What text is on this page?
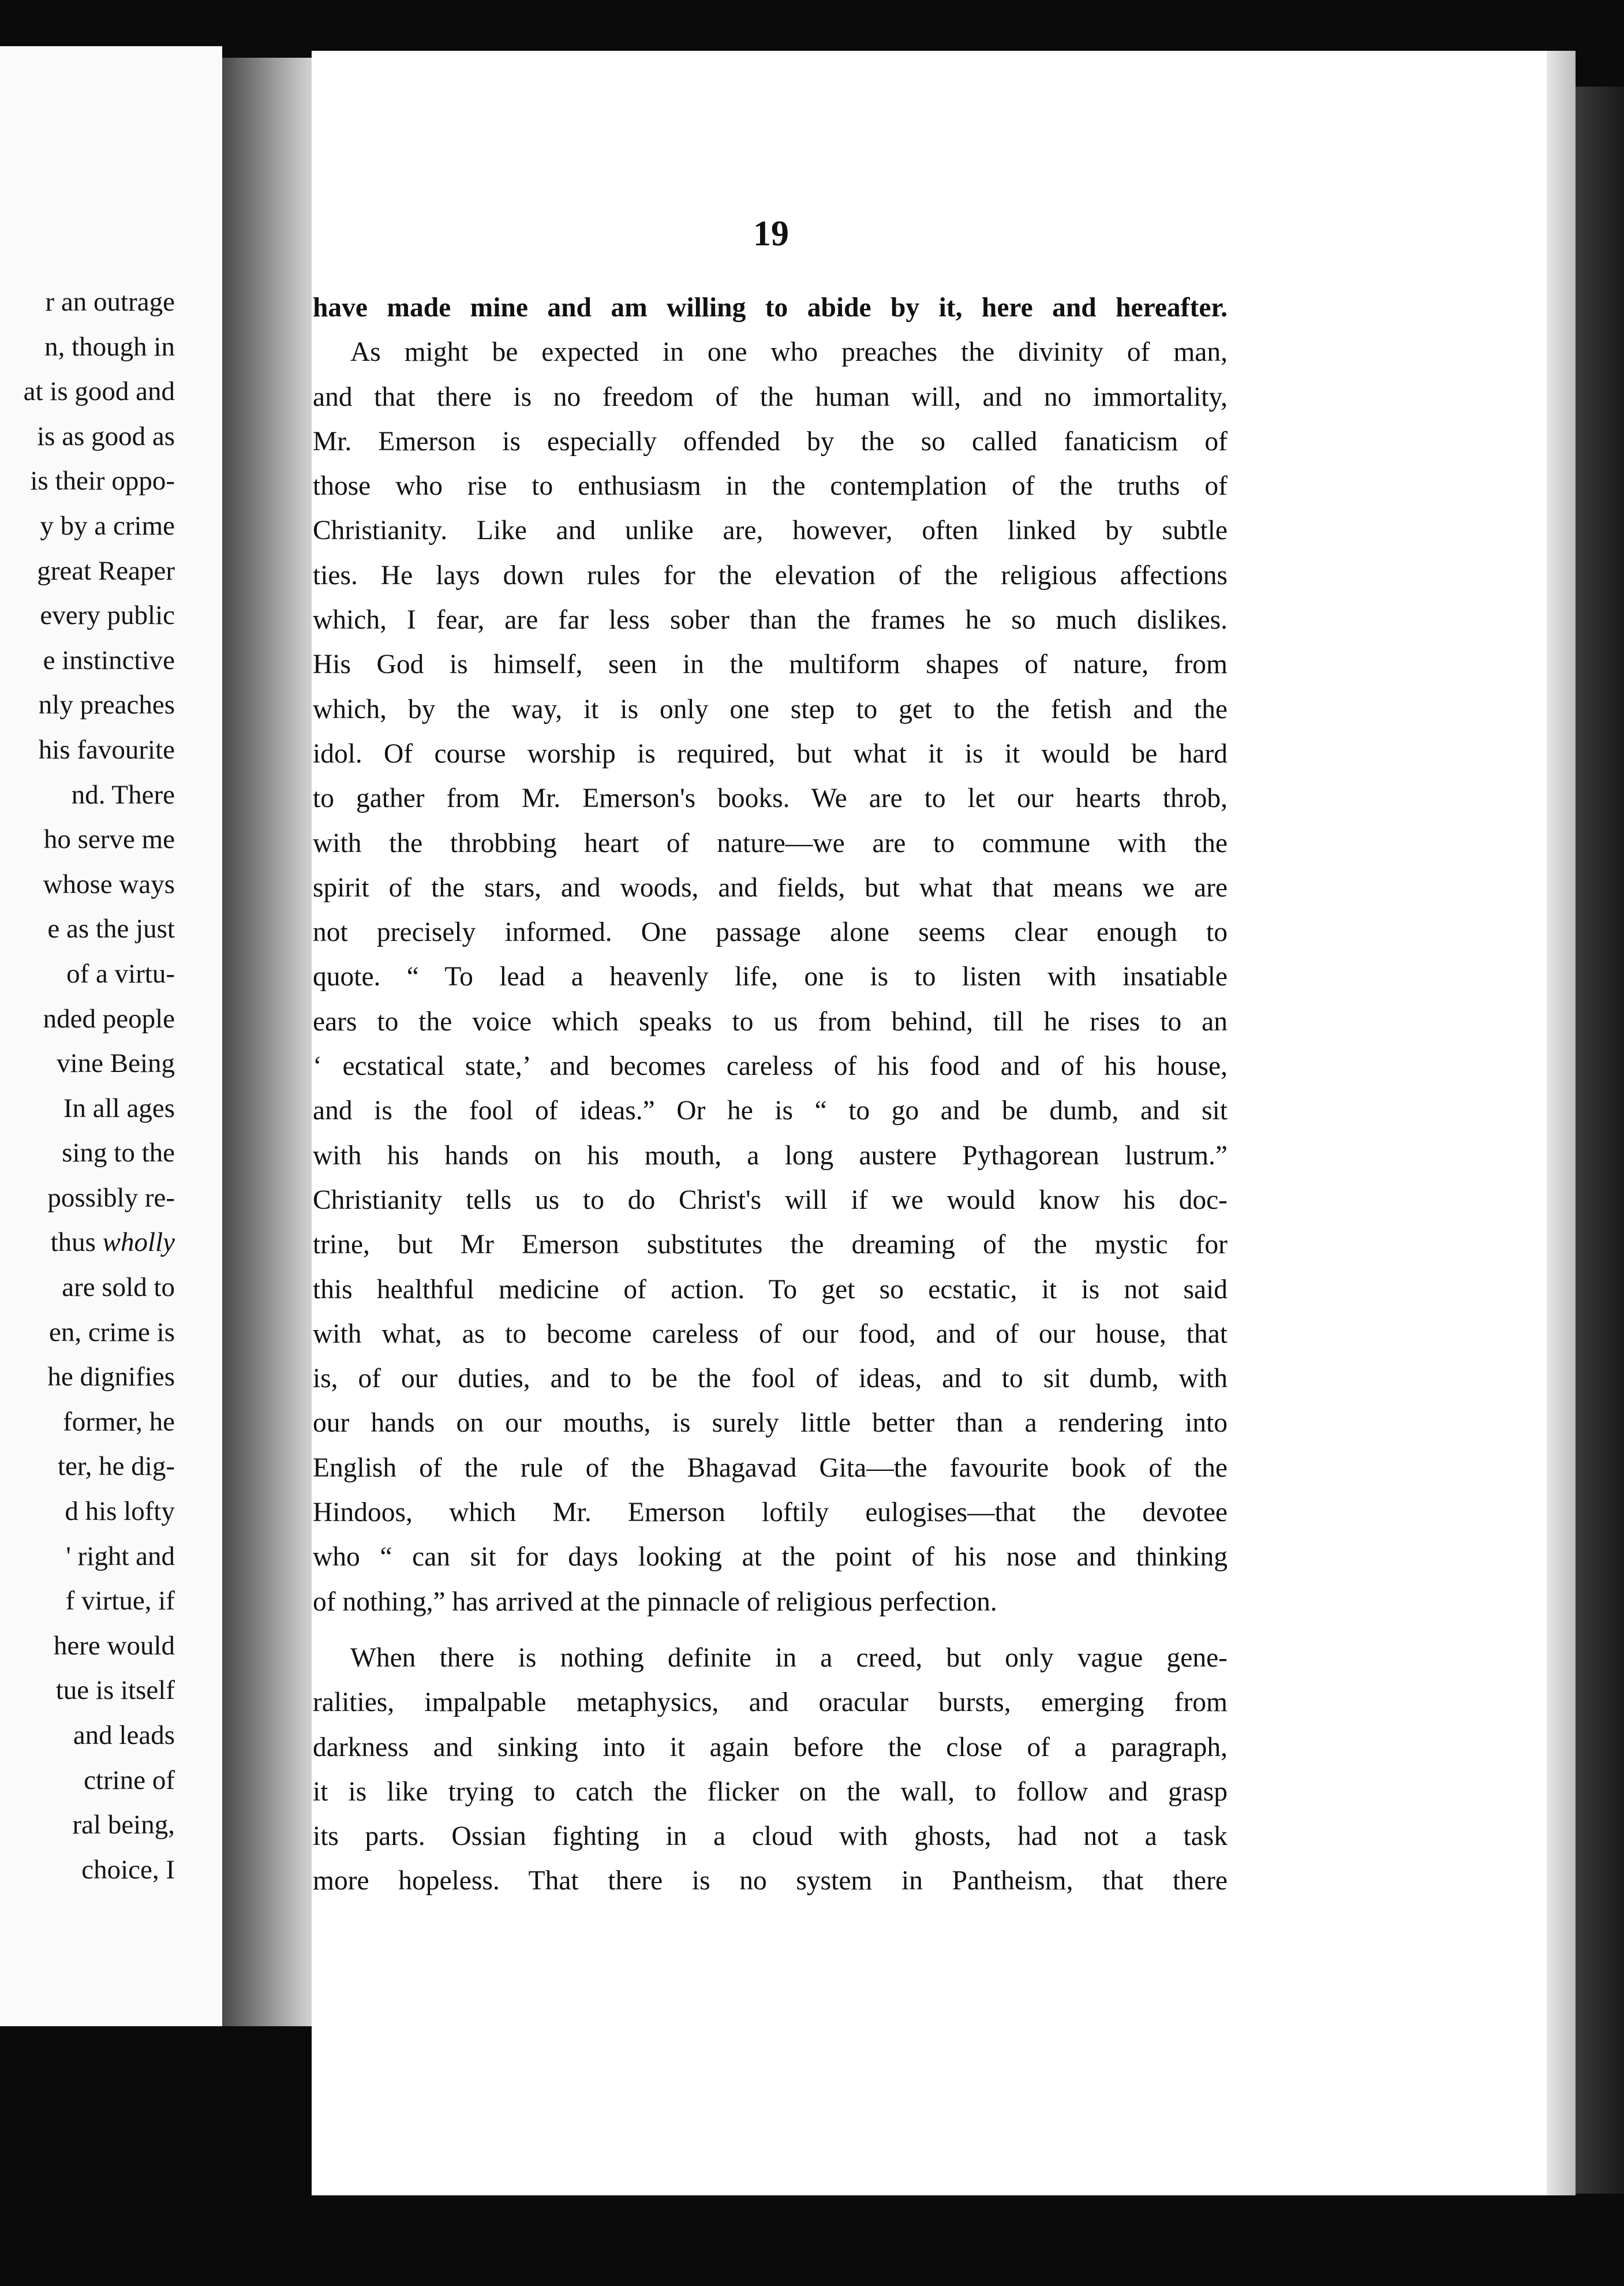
r an outrage
n, though in
at is good and
is as good as
is their oppo-
y by a crime
great Reaper
every public
e instinctive
nly preaches
his favourite
nd. There
ho serve me
whose ways
e as the just
of a virtu-
nded people
vine Being
In all ages
sing to the
possibly re-
thus wholly
are sold to
en, crime is
he dignifies
former, he
ter, he dig-
d his lofty
' right and
f virtue, if
here would
tue is itself
and leads
ctrine of
ral being,
choice, I
19
have made mine and am willing to abide by it, here and hereafter.
As might be expected in one who preaches the divinity of man,
and that there is no freedom of the human will, and no immortality,
Mr. Emerson is especially offended by the so called fanaticism of
those who rise to enthusiasm in the contemplation of the truths of
Christianity. Like and unlike are, however, often linked by subtle
ties. He lays down rules for the elevation of the religious affections
which, I fear, are far less sober than the frames he so much dislikes.
His God is himself, seen in the multiform shapes of nature, from
which, by the way, it is only one step to get to the fetish and the
idol. Of course worship is required, but what it is it would be hard
to gather from Mr. Emerson's books. We are to let our hearts throb,
with the throbbing heart of nature—we are to commune with the
spirit of the stars, and woods, and fields, but what that means we are
not precisely informed. One passage alone seems clear enough to
quote. “ To lead a heavenly life, one is to listen with insatiable
ears to the voice which speaks to us from behind, till he rises to an
‘ ecstatical state,’ and becomes careless of his food and of his house,
and is the fool of ideas.” Or he is “ to go and be dumb, and sit
with his hands on his mouth, a long austere Pythagorean lustrum.”
Christianity tells us to do Christ's will if we would know his doc-
trine, but Mr Emerson substitutes the dreaming of the mystic for
this healthful medicine of action. To get so ecstatic, it is not said
with what, as to become careless of our food, and of our house, that
is, of our duties, and to be the fool of ideas, and to sit dumb, with
our hands on our mouths, is surely little better than a rendering into
English of the rule of the Bhagavad Gita—the favourite book of the
Hindoos, which Mr. Emerson loftily eulogises—that the devotee
who “ can sit for days looking at the point of his nose and thinking
of nothing,” has arrived at the pinnacle of religious perfection.
When there is nothing definite in a creed, but only vague gene-
ralities, impalpable metaphysics, and oracular bursts, emerging from
darkness and sinking into it again before the close of a paragraph,
it is like trying to catch the flicker on the wall, to follow and grasp
its parts. Ossian fighting in a cloud with ghosts, had not a task
more hopeless. That there is no system in Pantheism, that there
